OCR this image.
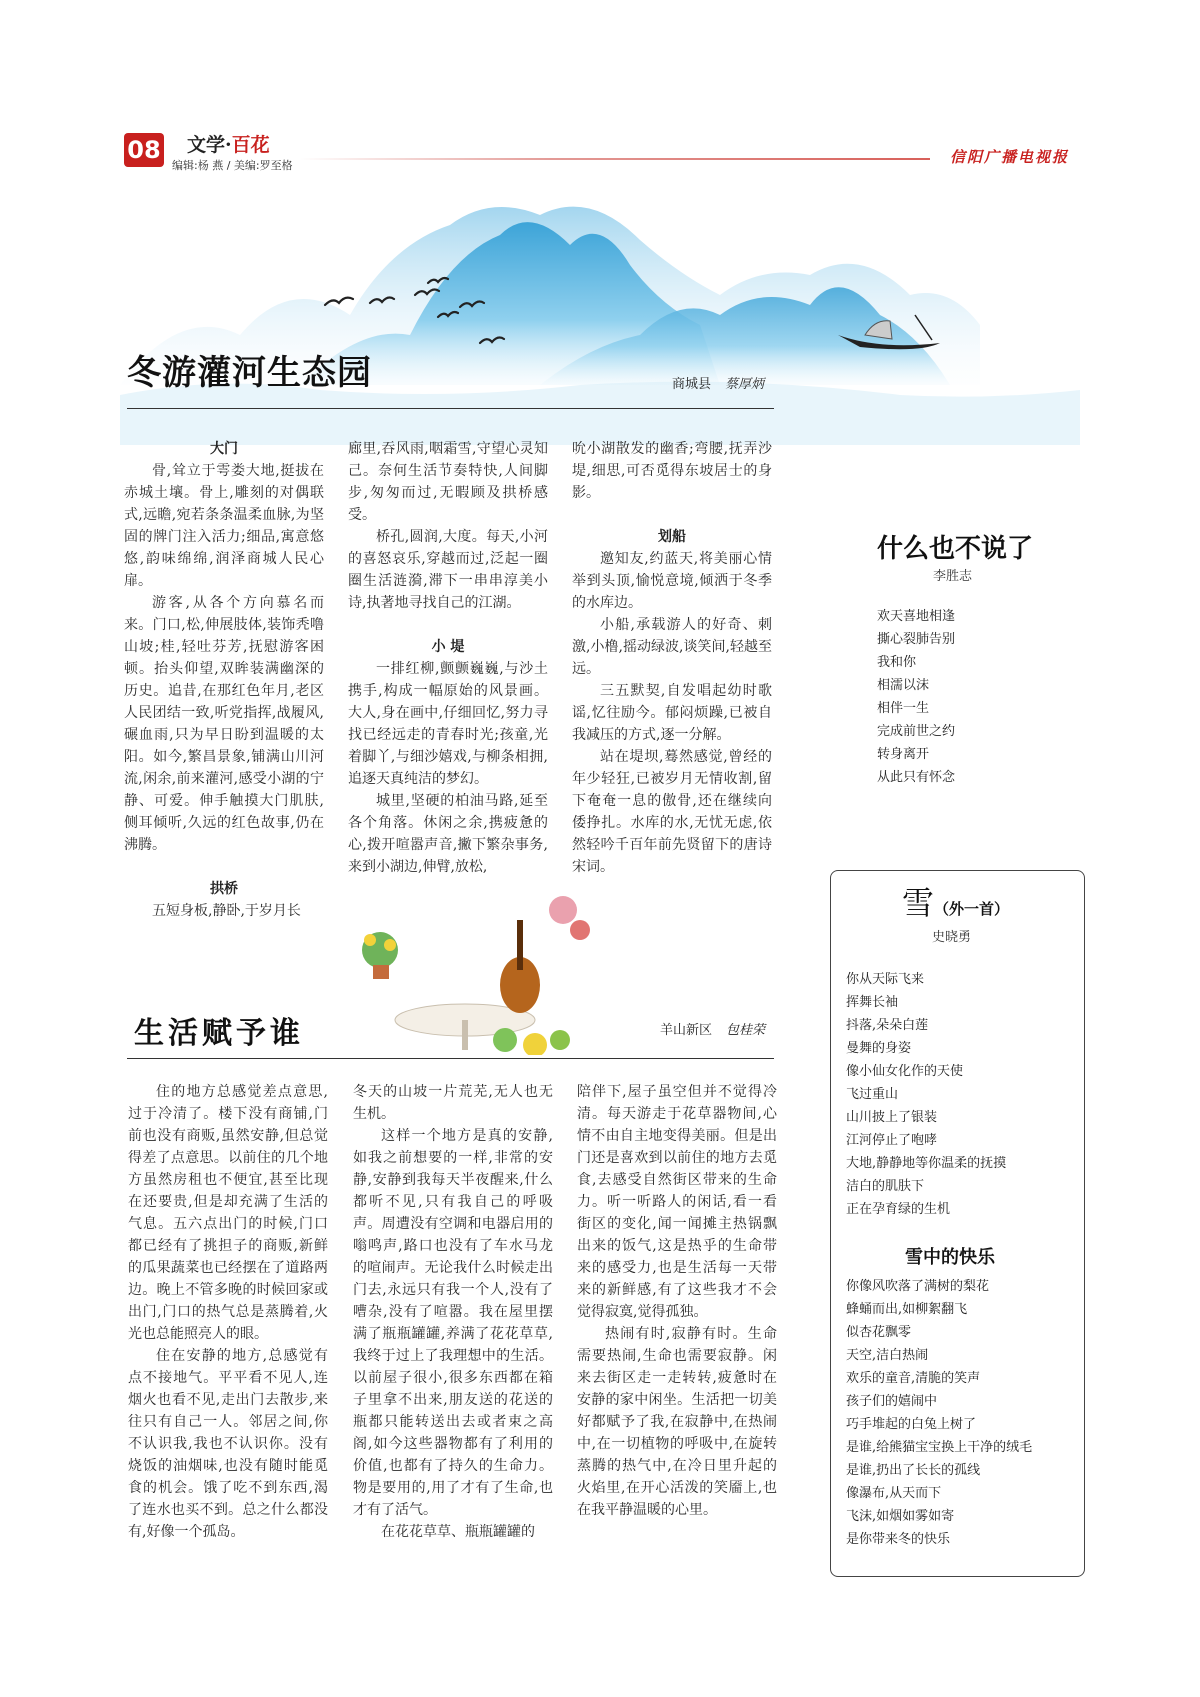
08 文学·百花
编辑:杨 燕 / 美编:罗至格	信阳广播电视报
冬游灌河生态园	商城县 蔡厚炳
大门

骨,耸立于雩娄大地,挺拔在赤城土壤。骨上,雕刻的对偶联式,远瞻,宛若条条温柔血脉,为坚固的牌门注入活力;细品,寓意悠悠,韵味绵绵,润泽商城人民心扉。

游客,从各个方向慕名而来。门口,松,伸展肢体,装饰秃噜山坡;桂,轻吐芬芳,抚慰游客困顿。抬头仰望,双眸装满幽深的历史。追昔,在那红色年月,老区人民团结一致,听党指挥,战履风,碾血雨,只为早日盼到温暖的太阳。如今,繁昌景象,铺满山川河流,闲余,前来灌河,感受小湖的宁静、可爱。伸手触摸大门肌肤,侧耳倾听,久远的红色故事,仍在沸腾。

拱桥

五短身板,静卧,于岁月长

廊里,吞风雨,咽霜雪,守望心灵知己。奈何生活节奏特快,人间脚步,匆匆而过,无暇顾及拱桥感受。

桥孔,圆润,大度。每天,小河的喜怒哀乐,穿越而过,泛起一圈圈生活涟漪,滞下一串串淳美小诗,执著地寻找自己的江湖。

小 堤

一排红柳,颤颤巍巍,与沙土携手,构成一幅原始的风景画。大人,身在画中,仔细回忆,努力寻找已经远走的青春时光;孩童,光着脚丫,与细沙嬉戏,与柳条相拥,追逐天真纯洁的梦幻。

城里,坚硬的柏油马路,延至各个角落。休闲之余,携疲惫的心,拨开喧嚣声音,撇下繁杂事务,来到小湖边,伸臂,放松,

吮小湖散发的幽香;弯腰,抚弄沙堤,细思,可否觅得东坡居士的身影。

划船

邀知友,约蓝天,将美丽心情举到头顶,愉悦意境,倾洒于冬季的水库边。

小船,承载游人的好奇、刺激,小橹,摇动绿波,谈笑间,轻越至远。

三五默契,自发唱起幼时歌谣,忆往励今。郁闷烦躁,已被自我减压的方式,逐一分解。

站在堤坝,蓦然感觉,曾经的年少轻狂,已被岁月无情收割,留下奄奄一息的傲骨,还在继续向倭挣扎。水库的水,无忧无虑,依然轻吟千百年前先贤留下的唐诗宋词。

生活赋予谁	羊山新区 包桂荣

住的地方总感觉差点意思,过于冷清了。楼下没有商铺,门前也没有商贩,虽然安静,但总觉得差了点意思。以前住的几个地方虽然房租也不便宜,甚至比现在还要贵,但是却充满了生活的气息。五六点出门的时候,门口都已经有了挑担子的商贩,新鲜的瓜果蔬菜也已经摆在了道路两边。晚上不管多晚的时候回家或出门,门口的热气总是蒸腾着,火光也总能照亮人的眼。

住在安静的地方,总感觉有点不接地气。平平看不见人,连烟火也看不见,走出门去散步,来往只有自己一人。邻居之间,你不认识我,我也不认识你。没有烧饭的油烟味,也没有随时能觅食的机会。饿了吃不到东西,渴了连水也买不到。总之什么都没有,好像一个孤岛。

冬天的山坡一片荒芜,无人也无生机。

这样一个地方是真的安静,如我之前想要的一样,非常的安静,安静到我每天半夜醒来,什么都听不见,只有我自己的呼吸声。周遭没有空调和电器启用的嗡鸣声,路口也没有了车水马龙的喧闹声。无论我什么时候走出门去,永远只有我一个人,没有了嘈杂,没有了喧嚣。我在屋里摆满了瓶瓶罐罐,养满了花花草草,我终于过上了我理想中的生活。以前屋子很小,很多东西都在箱子里拿不出来,朋友送的花送的瓶都只能转送出去或者束之高阁,如今这些器物都有了利用的价值,也都有了持久的生命力。物是要用的,用了才有了生命,也才有了活气。

在花花草草、瓶瓶罐罐的

陪伴下,屋子虽空但并不觉得冷清。每天游走于花草器物间,心情不由自主地变得美丽。但是出门还是喜欢到以前住的地方去觅食,去感受自然街区带来的生命力。听一听路人的闲话,看一看街区的变化,闻一闻摊主热锅飘出来的饭气,这是热乎的生命带来的感受力,也是生活每一天带来的新鲜感,有了这些我才不会觉得寂寞,觉得孤独。

热闹有时,寂静有时。生命需要热闹,生命也需要寂静。闲来去街区走一走转转,疲惫时在安静的家中闲坐。生活把一切美好都赋予了我,在寂静中,在热闹中,在一切植物的呼吸中,在旋转蒸腾的热气中,在冷日里升起的火焰里,在开心活泼的笑靥上,也在我平静温暖的心里。

什么也不说了
李胜志
欢天喜地相逢
撕心裂肺告别
我和你
相濡以沫
相伴一生
完成前世之约
转身离开
从此只有怀念
雪（外一首）
史晓勇
你从天际飞来
挥舞长袖
抖落,朵朵白莲
曼舞的身姿
像小仙女化作的天使
飞过重山
山川披上了银装
江河停止了咆哮
大地,静静地等你温柔的抚摸
洁白的肌肤下
正在孕育绿的生机
雪中的快乐
你像风吹落了满树的梨花
蜂蛹而出,如柳絮翻飞
似杏花飘零
天空,洁白热闹
欢乐的童音,清脆的笑声
孩子们的嬉闹中
巧手堆起的白兔上树了
是谁,给熊猫宝宝换上干净的绒毛
是谁,扔出了长长的孤线
像瀑布,从天而下
飞沫,如烟如雾如寄
是你带来冬的快乐
